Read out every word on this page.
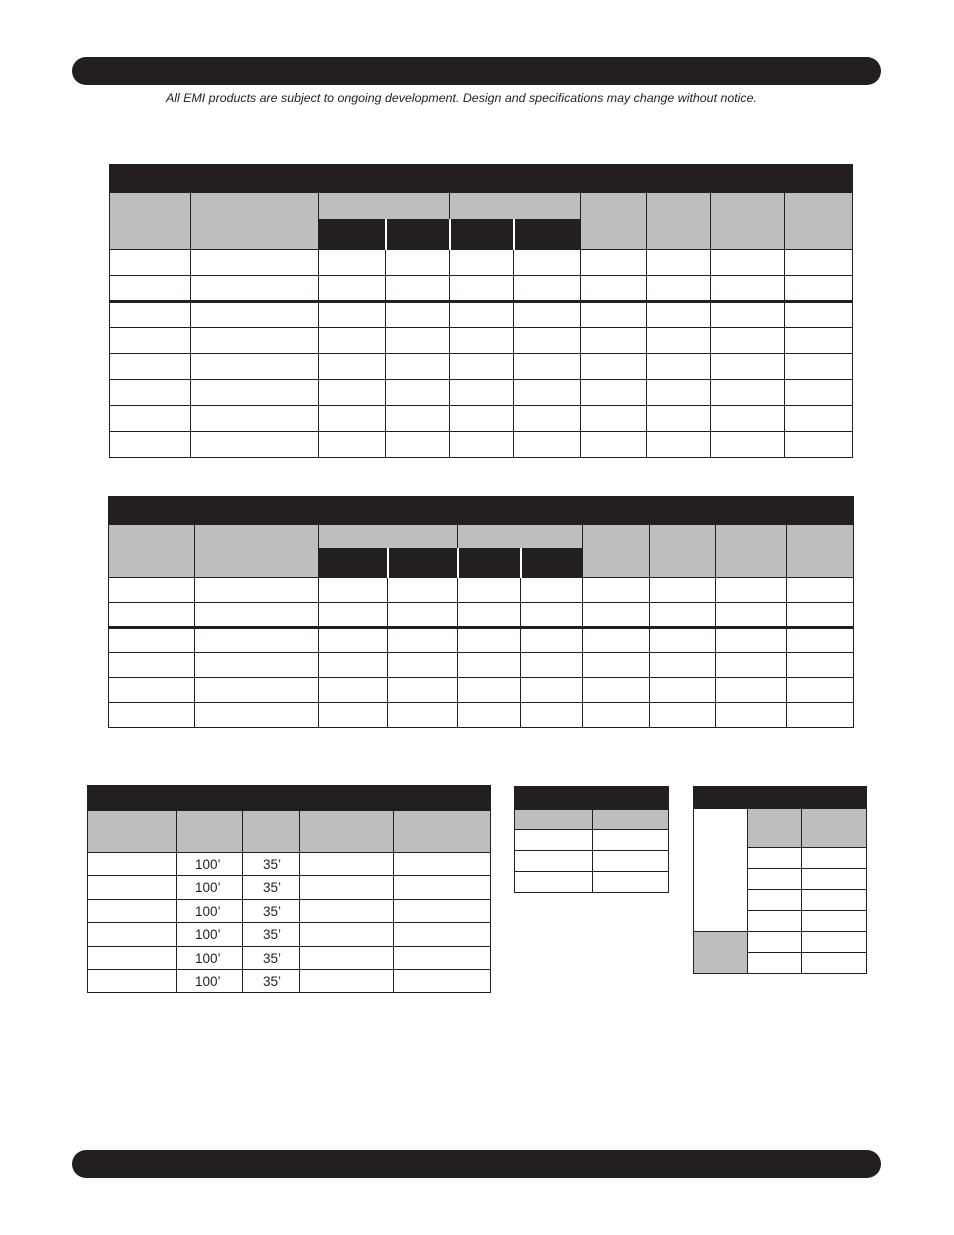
All EMI products are subject to ongoing development. Design and specifications may change without notice.

	100’	35’		
	100’	35’		
	100’	35’		
	100’	35’		
	100’	35’		
	100’	35’		
